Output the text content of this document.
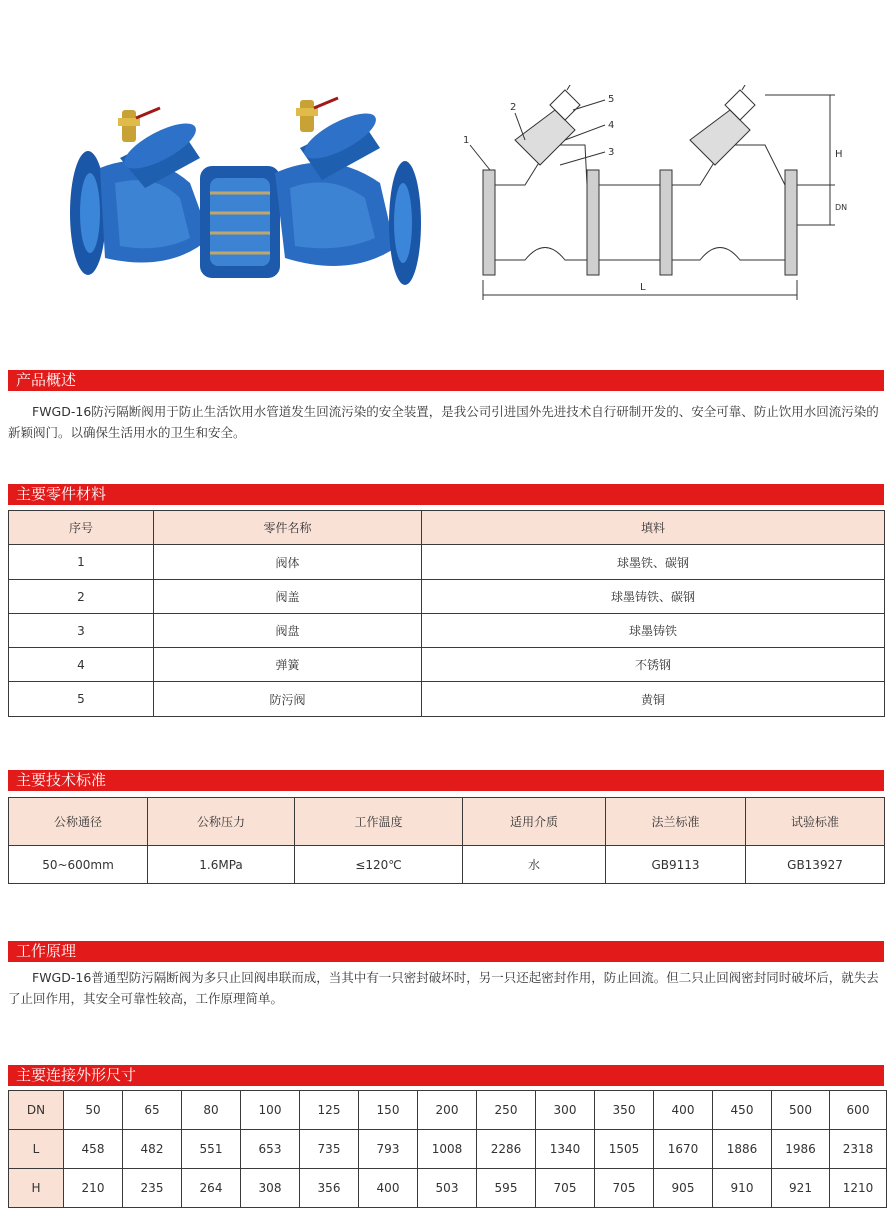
1
2
3
4
5
H
DN
L
产品概述

FWGD-16防污隔断阀用于防止生活饮用水管道发生回流污染的安全装置，是我公司引进国外先进技术自行研制开发的、安全可靠、防止饮用水回流污染的新颖阀门。以确保生活用水的卫生和安全。

主要零件材料
序号	零件名称	填料
1	阀体	球墨铁、碳钢
2	阀盖	球墨铸铁、碳钢
3	阀盘	球墨铸铁
4	弹簧	不锈钢
5	防污阀	黄铜
主要技术标准
公称通径	公称压力	工作温度	适用介质	法兰标准	试验标准
50~600mm	1.6MPa	≤120℃	水	GB9113	GB13927
工作原理

FWGD-16普通型防污隔断阀为多只止回阀串联而成，当其中有一只密封破坏时，另一只还起密封作用，防止回流。但二只止回阀密封同时破坏后，就失去了止回作用，其安全可靠性较高，工作原理简单。

主要连接外形尺寸
DN	50	65	80	100	125	150	200	250	300	350	400	450	500	600
L	458	482	551	653	735	793	1008	2286	1340	1505	1670	1886	1986	2318
H	210	235	264	308	356	400	503	595	705	705	905	910	921	1210
